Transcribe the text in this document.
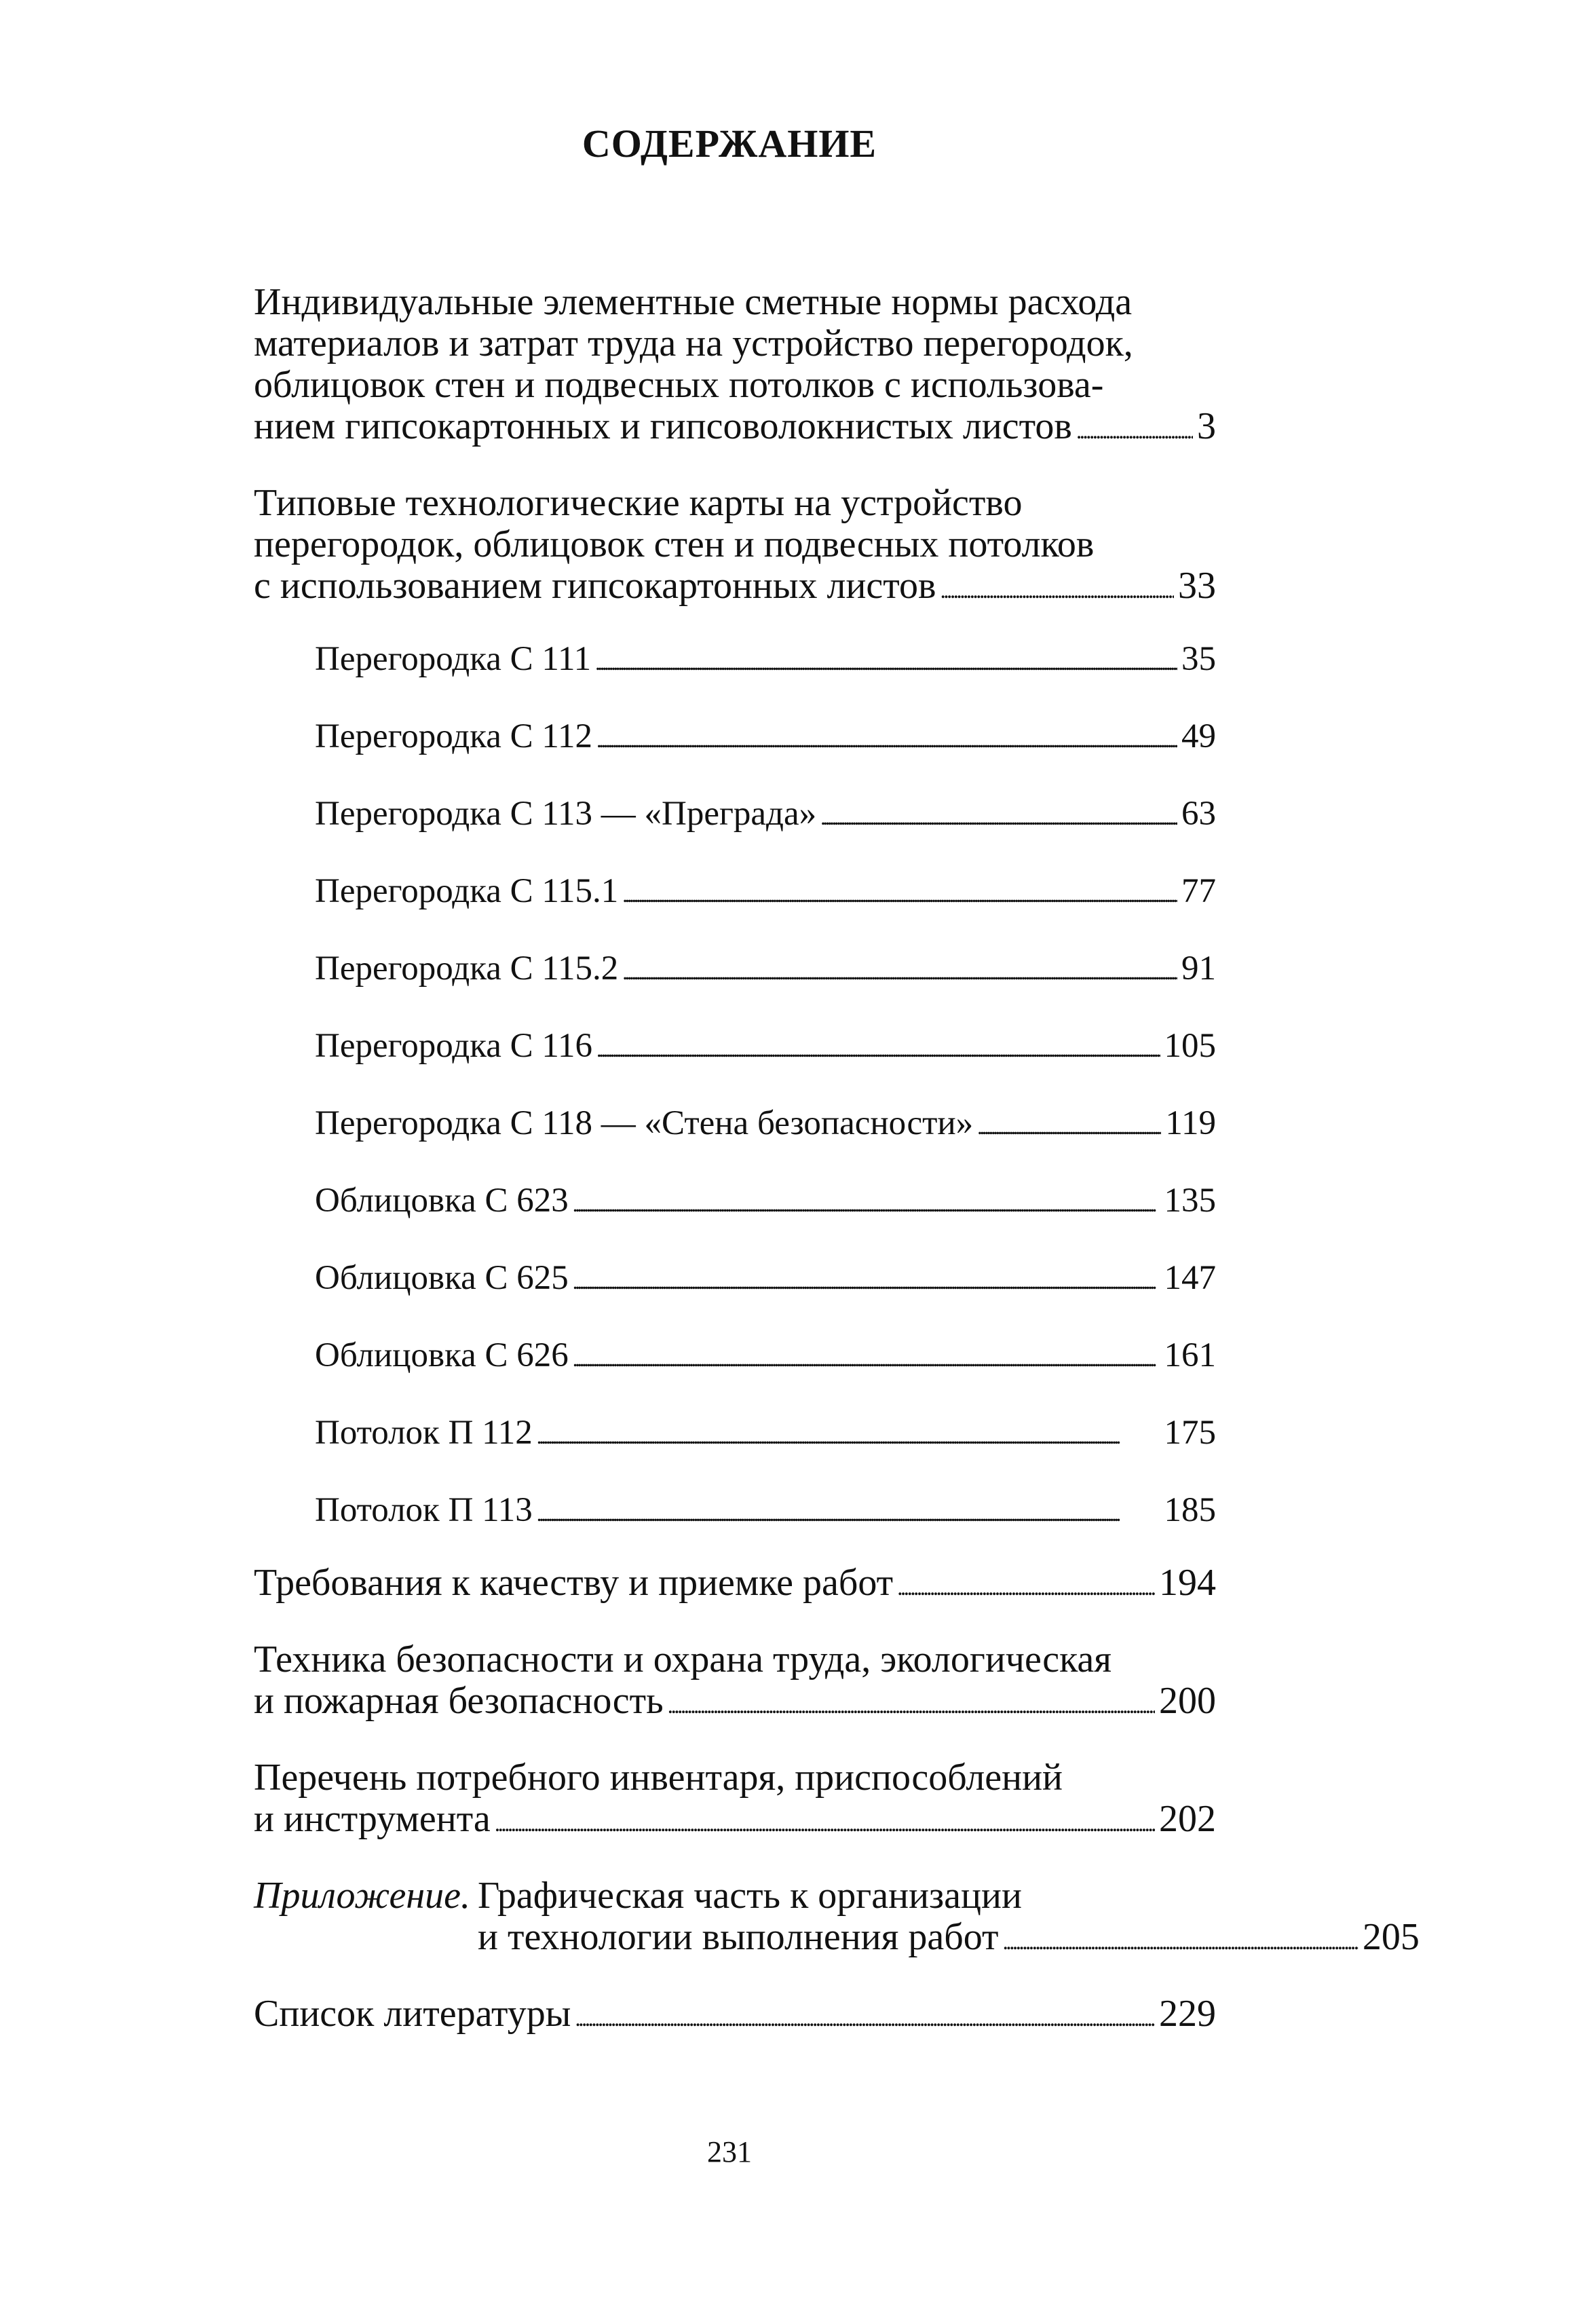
СОДЕРЖАНИЕ
Индивидуальные элементные сметные нормы расхода
материалов и затрат труда на устройство перегородок,
облицовок стен и подвесных потолков с использова-
нием гипсокартонных и гипсоволокнистых листов . . .	3
Типовые технологические карты на устройство
перегородок, облицовок стен и подвесных потолков
с использованием гипсокартонных листов . . .	33
Перегородка С 111 . . .	35
Перегородка С 112 . . .	49
Перегородка С 113 — «Преграда» . . .	63
Перегородка С 115.1 . . .	77
Перегородка С 115.2 . . .	91
Перегородка С 116 . . .	105
Перегородка С 118 — «Стена безопасности» . . .	119
Облицовка С 623 . . .	135
Облицовка С 625 . . .	147
Облицовка С 626 . . .	161
Потолок П 112 . . .	175
Потолок П 113 . . .	185
Требования к качеству и приемке работ . . .	194
Техника безопасности и охрана труда, экологическая
и пожарная безопасность . . .	200
Перечень потребного инвентаря, приспособлений
и инструмента . . .	202
Приложение. Графическая часть к организации
и технологии выполнения работ . . .	205
Список литературы . . .	229
231
